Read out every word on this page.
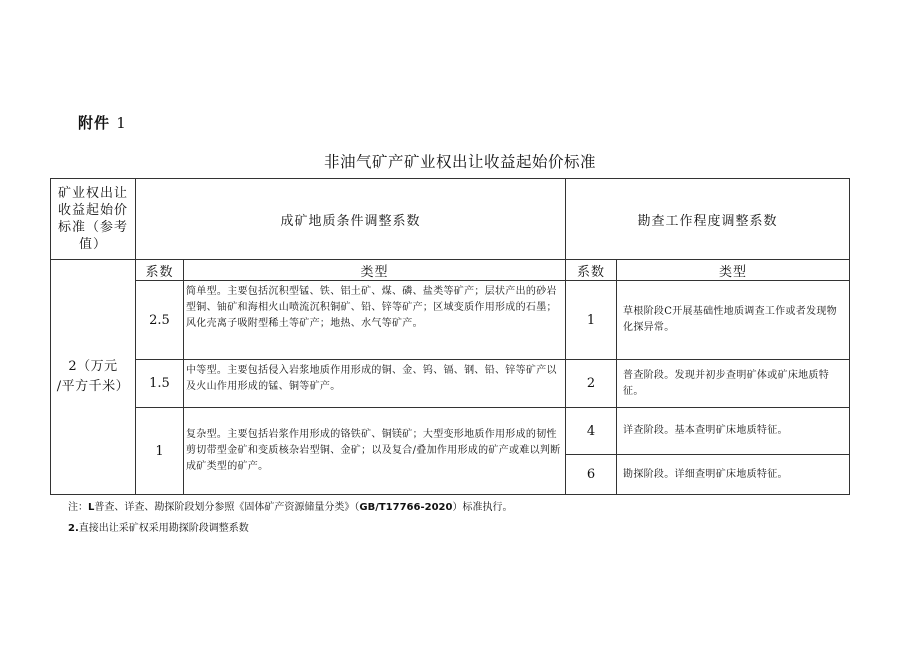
附件 1
非油气矿产矿业权出让收益起始价标准
矿业权出让
收益起始价
标准（参考
值）	成矿地质条件调整系数		勘查工作程度调整系数	

2（万元
/平方千米）	系数	类型	系数	类型
	2.5	简单型。主要包括沉积型锰、铁、铝土矿、煤、磷、盐类等矿产；层状产出的砂岩型铜、铀矿和海相火山喷流沉积铜矿、铅、锌等矿产；区域变质作用形成的石墨；风化壳离子吸附型稀土等矿产；地热、水气等矿产。	1	草根阶段C开展基础性地质调查工作或者发现物化探异常。
	1.5	中等型。主要包括侵入岩浆地质作用形成的铜、金、钨、镉、钢、铅、锌等矿产以及火山作用形成的锰、铜等矿产。	2	普查阶段。发现并初步查明矿体或矿床地质特征。
	1	复杂型。主要包括岩浆作用形成的铬铁矿、铜镁矿；大型变形地质作用形成的韧性剪切带型金矿和变质核杂岩型铜、金矿；以及复合/叠加作用形成的矿产或难以判断成矿类型的矿产。	4	详查阶段。基本查明矿床地质特征。
			6	勘探阶段。详细查明矿床地质特征。
注：L普查、详查、勘探阶段划分参照《固体矿产资源储量分类》（GB/T17766-2020）标准执行。
2.直接出让采矿权采用勘探阶段调整系数
